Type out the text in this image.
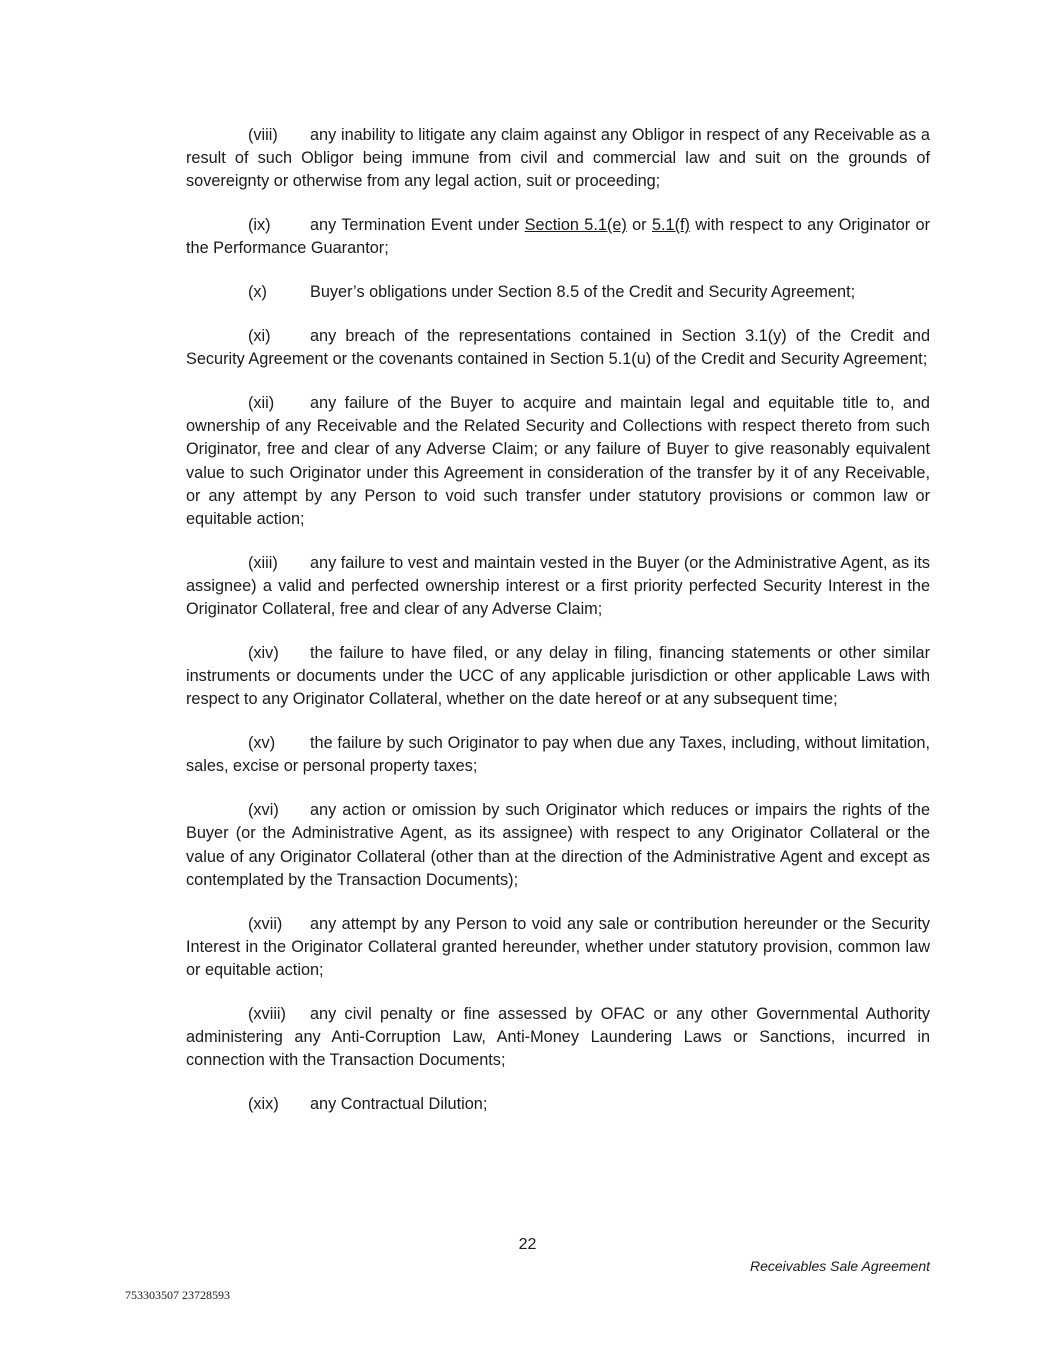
(viii) any inability to litigate any claim against any Obligor in respect of any Receivable as a result of such Obligor being immune from civil and commercial law and suit on the grounds of sovereignty or otherwise from any legal action, suit or proceeding;

(ix) any Termination Event under Section 5.1(e) or 5.1(f) with respect to any Originator or the Performance Guarantor;

(x)	Buyer’s obligations under Section 8.5 of the Credit and Security Agreement;

(xi) any breach of the representations contained in Section 3.1(y) of the Credit and Security Agreement or the covenants contained in Section 5.1(u) of the Credit and Security Agreement;

(xii) any failure of the Buyer to acquire and maintain legal and equitable title to, and ownership of any Receivable and the Related Security and Collections with respect thereto from such Originator, free and clear of any Adverse Claim; or any failure of Buyer to give reasonably equivalent value to such Originator under this Agreement in consideration of the transfer by it of any Receivable, or any attempt by any Person to void such transfer under statutory provisions or common law or equitable action;

(xiii) any failure to vest and maintain vested in the Buyer (or the Administrative Agent, as its assignee) a valid and perfected ownership interest or a first priority perfected Security Interest in the Originator Collateral, free and clear of any Adverse Claim;

(xiv) the failure to have filed, or any delay in filing, financing statements or other similar instruments or documents under the UCC of any applicable jurisdiction or other applicable Laws with respect to any Originator Collateral, whether on the date hereof or at any subsequent time;

(xv) the failure by such Originator to pay when due any Taxes, including, without limitation, sales, excise or personal property taxes;

(xvi) any action or omission by such Originator which reduces or impairs the rights of the Buyer (or the Administrative Agent, as its assignee) with respect to any Originator Collateral or the value of any Originator Collateral (other than at the direction of the Administrative Agent and except as contemplated by the Transaction Documents);

(xvii) any attempt by any Person to void any sale or contribution hereunder or the Security Interest in the Originator Collateral granted hereunder, whether under statutory provision, common law or equitable action;

(xviii) any civil penalty or fine assessed by OFAC or any other Governmental Authority administering any Anti-Corruption Law, Anti-Money Laundering Laws or Sanctions, incurred in connection with the Transaction Documents;

(xix) any Contractual Dilution;

22
Receivables Sale Agreement
753303507 23728593
